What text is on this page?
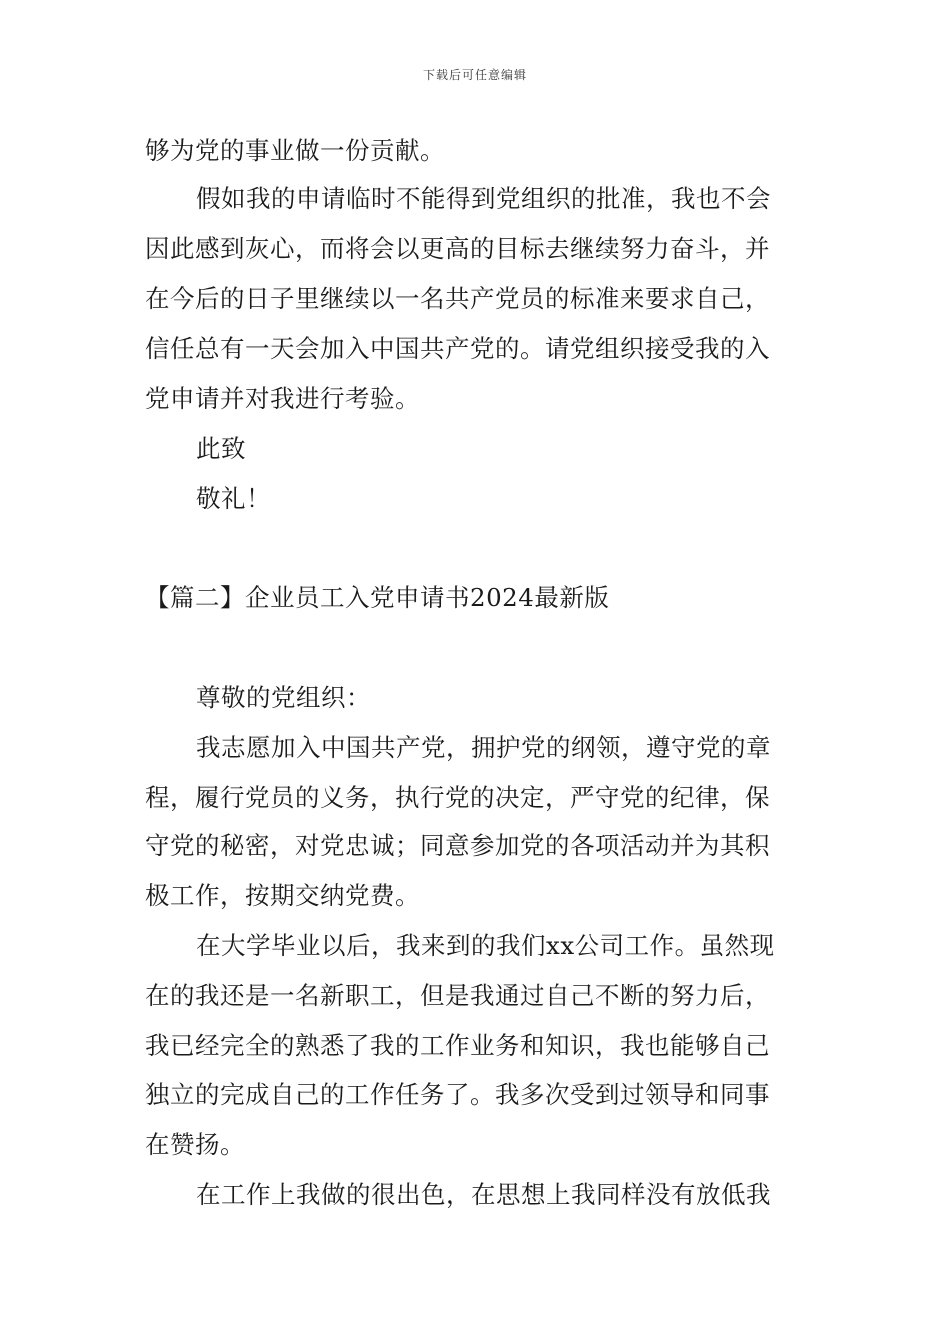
下载后可任意编辑
够为党的事业做一份贡献。
假如我的申请临时不能得到党组织的批准，我也不会
因此感到灰心，而将会以更高的目标去继续努力奋斗，并
在今后的日子里继续以一名共产党员的标准来要求自己，
信任总有一天会加入中国共产党的。请党组织接受我的入
党申请并对我进行考验。
此致
敬礼！
【篇二】企业员工入党申请书2024最新版
尊敬的党组织：
我志愿加入中国共产党，拥护党的纲领，遵守党的章
程，履行党员的义务，执行党的决定，严守党的纪律，保
守党的秘密，对党忠诚；同意参加党的各项活动并为其积
极工作，按期交纳党费。
在大学毕业以后，我来到的我们xx公司工作。虽然现
在的我还是一名新职工，但是我通过自己不断的努力后，
我已经完全的熟悉了我的工作业务和知识，我也能够自己
独立的完成自己的工作任务了。我多次受到过领导和同事
在赞扬。
在工作上我做的很出色，在思想上我同样没有放低我
